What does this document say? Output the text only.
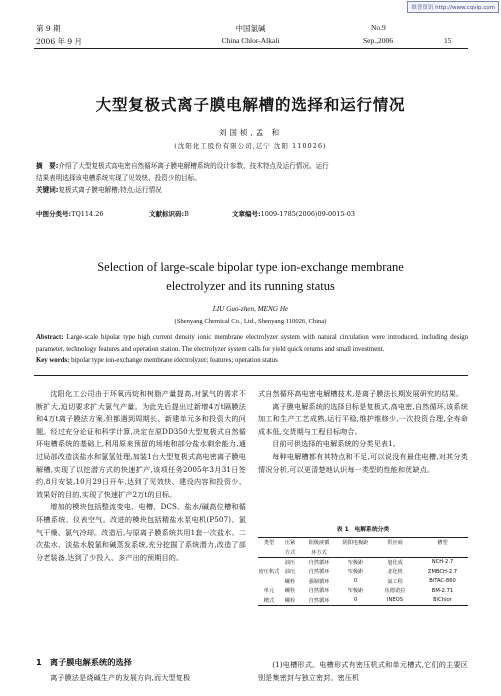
维普资讯 http://www.cqvip.com
第 9 期
2006 年 9 月
中国氯碱
China Chlor-Alkali
No.9
Sep.,2006	15
大型复极式离子膜电解槽的选择和运行情况
刘国桢,孟 和
(沈阳化工股份有限公司,辽宁 沈阳 110026)
摘　要:介绍了大型复极式高电密自然循环离子膜电解槽系统的设计参数、技术特点及运行情况。运行
结果表明选择该电槽系统实现了见效快、投资少的目标。
关键词:复极式离子膜电解槽;特点;运行情况
中图分类号:TQ114.26	文献标识码:B	文章编号:1009-1785(2006)09-0015-03
Selection of large-scale bipolar type ion-exchange membrane
electrolyzer and its running status
LIU Guo-zhen, MENG He
(Shenyang Chemical Co., Ltd., Shenyang 110026, China)
Abstract: Large-scale bipolar type high current density ionic membrane electrolyzer system with natural circulation were introduced, including design parameter, technology features and operation station. The electrolyzer system calls for yield quick returns and small investment.
Key words: bipolar type ion-exchange membrane electrolyzer; features; operation status

沈阳化工公司由于环氧丙烷和树脂产量提高,对氯气的需求不断扩大,迫切要求扩大氯气产量。为此先后提出过新增4万t隔膜法和4万t离子膜法方案,但都遇到周期长、新建单元多和投资大的问题。经过充分论证和科学计算,决定在原DD350大型复极式自然循环电槽系统的基础上,利用原来预留的场地和部分盐水剩余能力,通过局部改造淡盐水和氯氢处理,加装1台大型复极式高电密离子膜电解槽,实现了以挖潜方式的快速扩产,该项任务2005年3月31日签约,8月安装,10月29日开车,达到了见效快、建设内容和投资少、效果好的目的,实现了快速扩产2万t的目标。

增加的模块包括整流变电、电槽、DCS、盐水/碱高位槽和循环槽系统、仪表空气。改进的模块包括精盐水泵电机(P507)、氯气干燥、氯气冷却。改造后,与原离子膜系统共用1套一次盐水、二次盐水、淡盐水脱氯和碱蒸发系统,充分挖掘了系统潜力,改造了部分老装备,达到了少投入、多产出的预期目的。

1　离子膜电解系统的选择

离子膜法是烧碱生产的发展方向,而大型复极

式自然循环高电密电解槽技术,是离子膜法长期发展研究的结果。

离子膜电解系统的选择目标是复极式,高电密,自然循环,该系统加工和生产工艺成熟,运行平稳,维护维修少,一次投资合理,全寿命成本低,交货期与工程目标吻合。

目前可供选择的电解系统的分类见表1。

每种电解槽都有其特点和不足,可以说没有最佳电槽,对其分类情况分析,可以更清楚地认识每一类型的性能和优缺点。

表 1　电解系统分类
类型	压紧	阳极液循	阴阳电极距	供应商	槽型
	方式	环方式			
密压机式	油压	自然循环	窄极距	旭化成	NCH-2.7
	油压	自然循环	窄极距	北化机	ZMBCH-2.7
	螺栓	强制循环	0	氯工程	BiTAC-860
单元	螺栓	自然循环	窄极距	伍德诺拉	BM-2.71
槽式	螺栓	自然循环	0	INEOS	BiChlor

(1)电槽形式。电槽形式有密压机式和单元槽式,它们的主要区别是集密封与独立密封。密压机
